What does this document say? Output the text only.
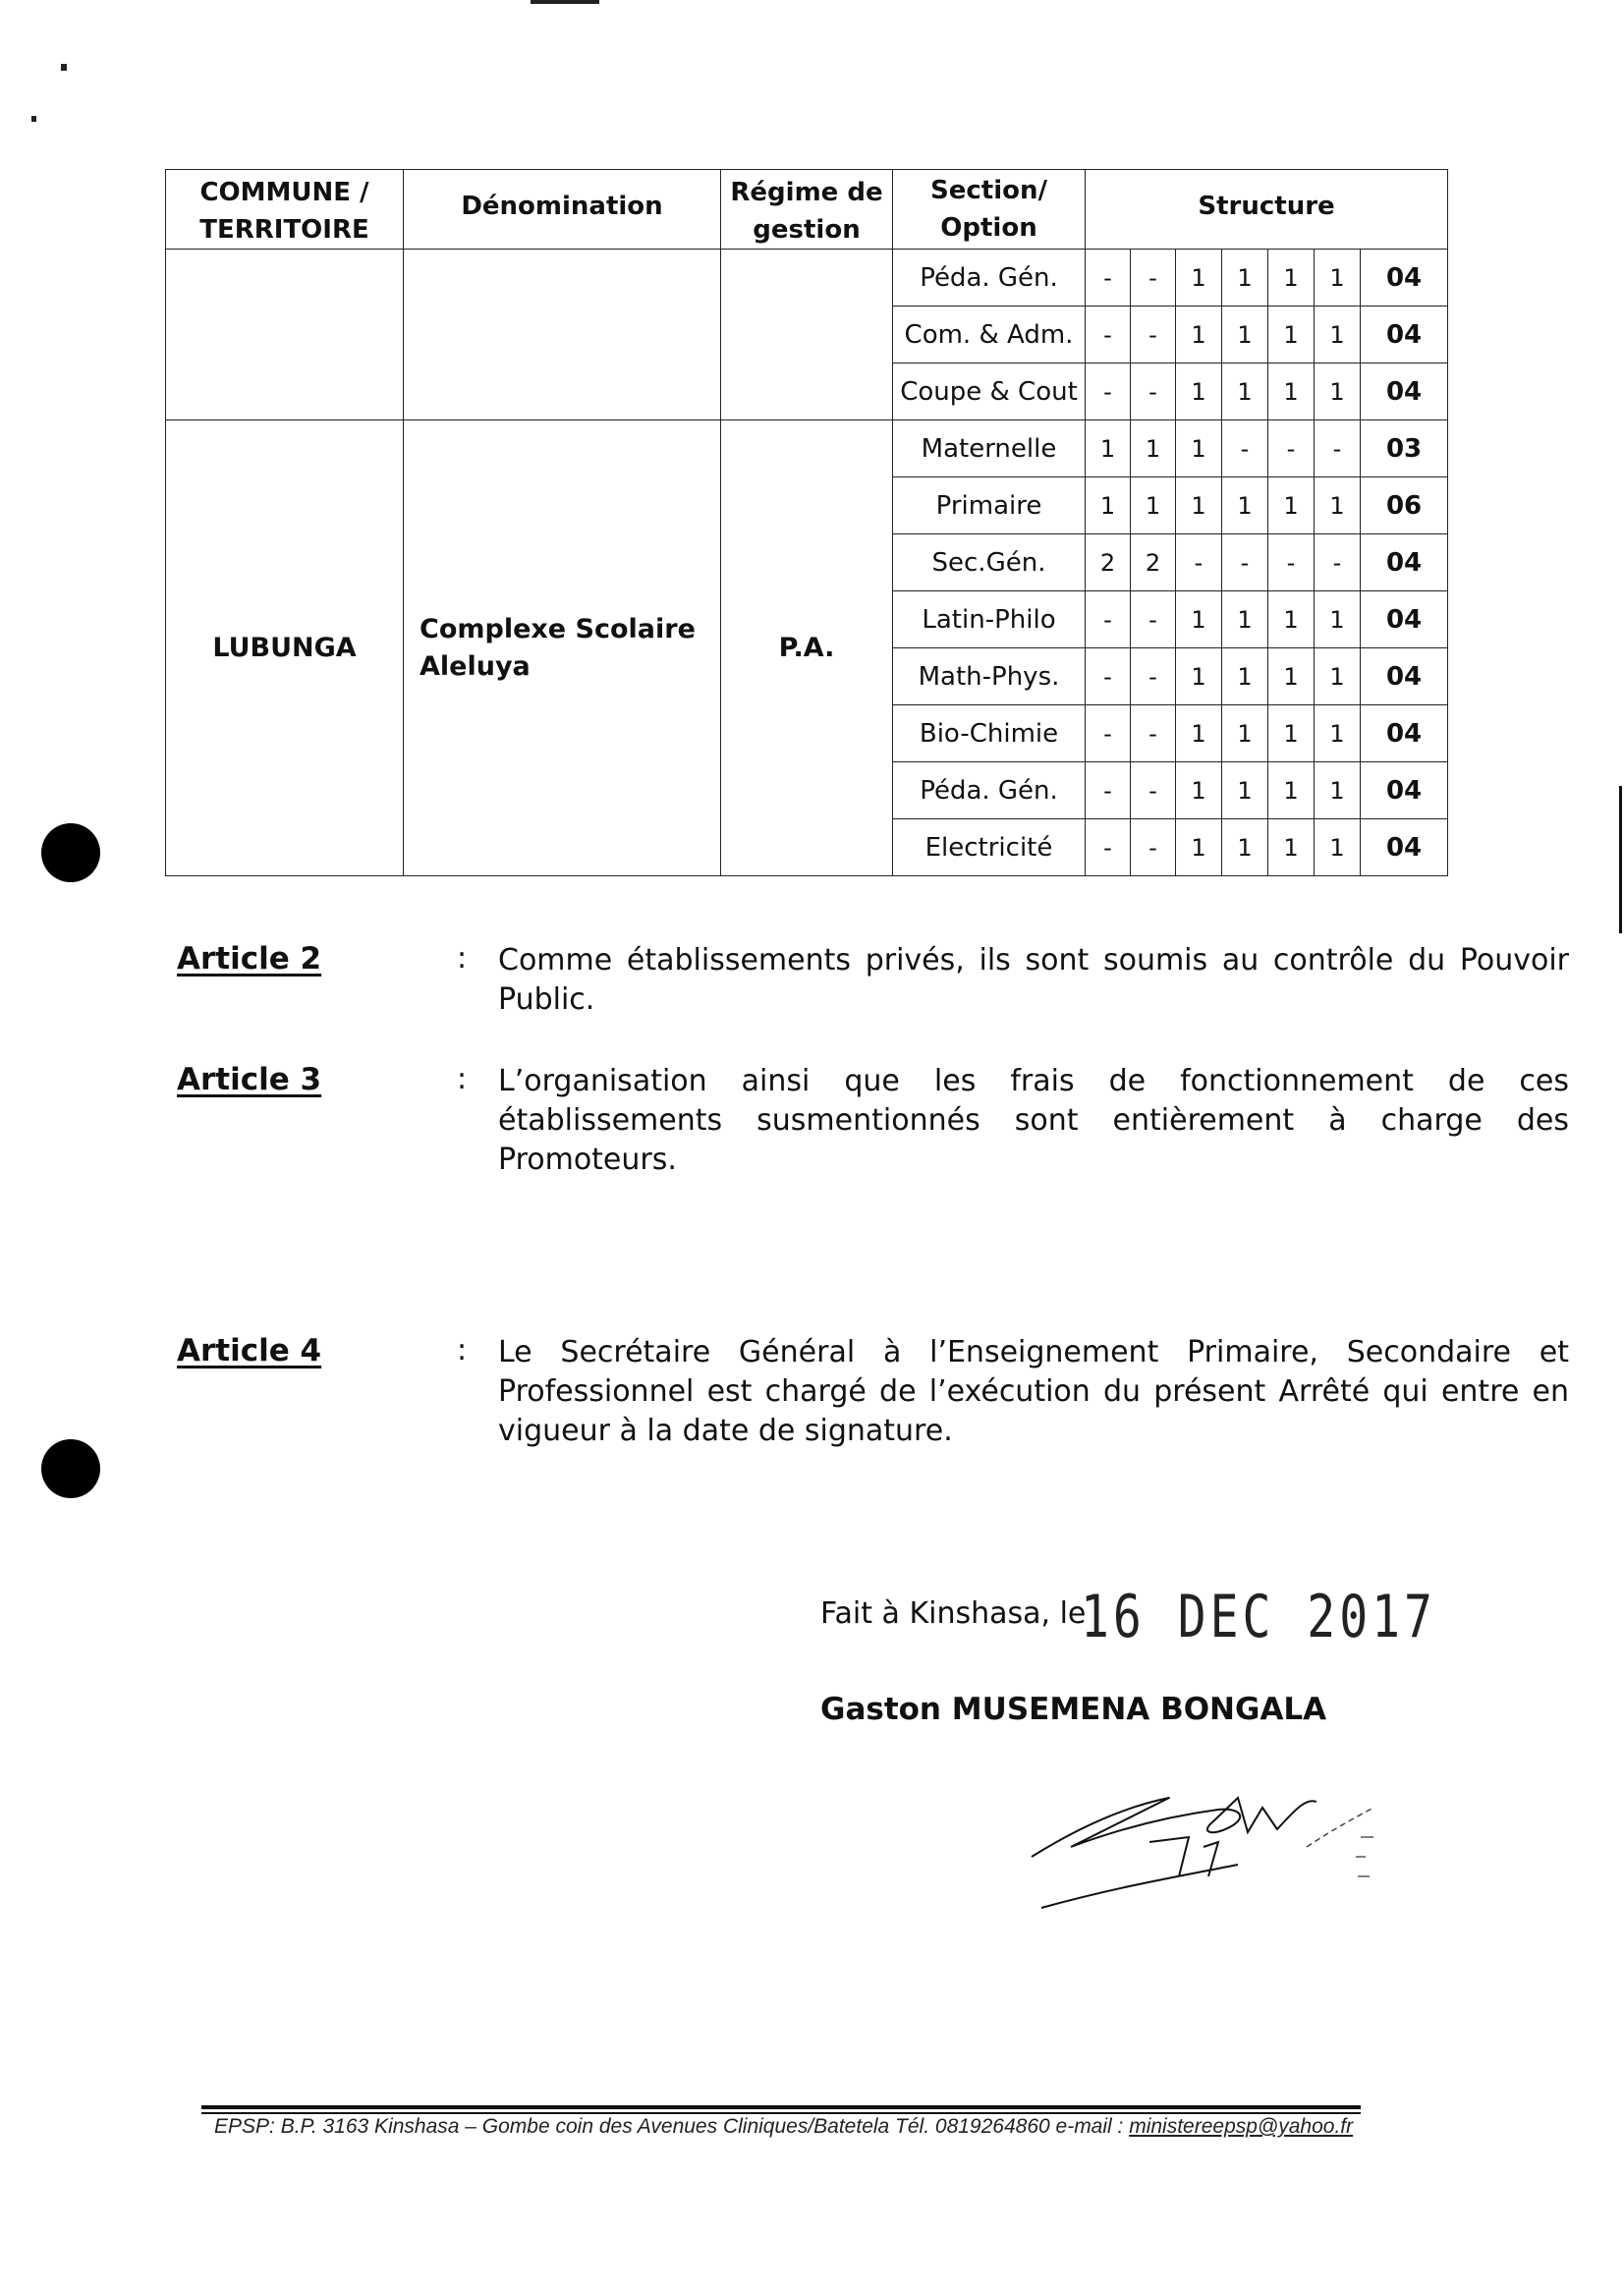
COMMUNE / TERRITOIRE	Dénomination	Régime de gestion	Section/ Option	Structure						
			Péda. Gén.	-	-	1	1	1	1	04
			Com. & Adm.	-	-	1	1	1	1	04
			Coupe & Cout	-	-	1	1	1	1	04
LUBUNGA	Complexe Scolaire Aleluya	P.A.	Maternelle	1	1	1	-	-	-	03
			Primaire	1	1	1	1	1	1	06
			Sec.Gén.	2	2	-	-	-	-	04
			Latin-Philo	-	-	1	1	1	1	04
			Math-Phys.	-	-	1	1	1	1	04
			Bio-Chimie	-	-	1	1	1	1	04
			Péda. Gén.	-	-	1	1	1	1	04
			Electricité	-	-	1	1	1	1	04
Article 2	: Comme établissements privés, ils sont soumis au contrôle du Pouvoir Public.
Article 3	: L’organisation ainsi que les frais de fonctionnement de ces établissements susmentionnés sont entièrement à charge des Promoteurs.
Article 4	: Le Secrétaire Général à l’Enseignement Primaire, Secondaire et Professionnel est chargé de l’exécution du présent Arrêté qui entre en vigueur à la date de signature.
Fait à Kinshasa, le
16 DEC 2017
Gaston MUSEMENA BONGALA
EPSP: B.P. 3163 Kinshasa – Gombe coin des Avenues Cliniques/Batetela Tél. 0819264860 e-mail : ministereepsp@yahoo.fr
